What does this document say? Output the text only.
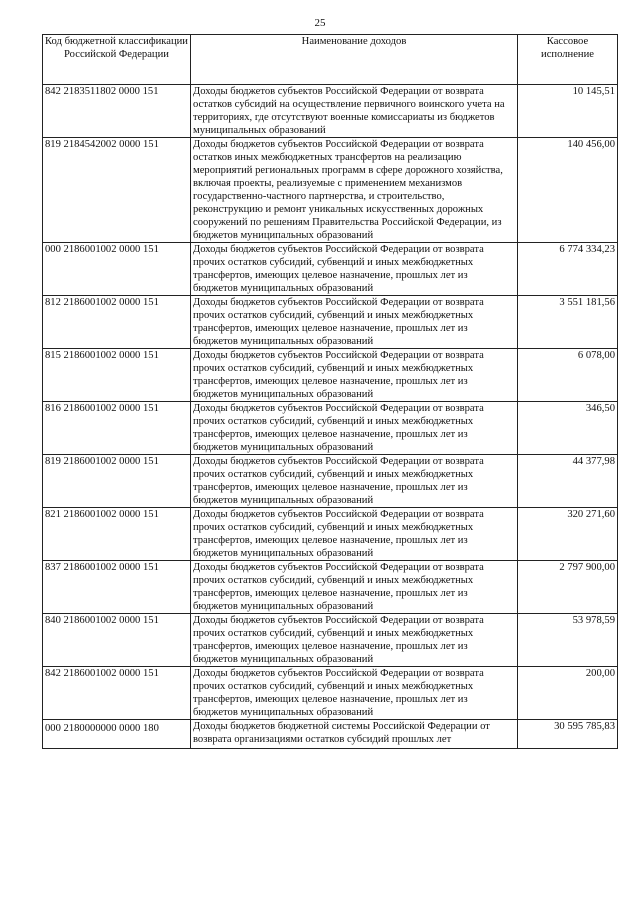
25
Код бюджетной классификации Российской Федерации	Наименование доходов	Кассовое исполнение
842 2183511802 0000 151	Доходы бюджетов субъектов Российской Федерации от возврата остатков субсидий на осуществление первичного воинского учета на территориях, где отсутствуют военные комиссариаты из бюджетов муниципальных образований	10 145,51
819 2184542002 0000 151	Доходы бюджетов субъектов Российской Федерации от возврата остатков иных межбюджетных трансфертов на реализацию мероприятий региональных программ в сфере дорожного хозяйства, включая проекты, реализуемые с применением механизмов государственно-частного партнерства, и строительство, реконструкцию и ремонт уникальных искусственных дорожных сооружений по решениям Правительства Российской Федерации, из бюджетов муниципальных образований	140 456,00
000 2186001002 0000 151	Доходы бюджетов субъектов Российской Федерации от возврата прочих остатков субсидий, субвенций и иных межбюджетных трансфертов, имеющих целевое назначение, прошлых лет из бюджетов муниципальных образований	6 774 334,23
812 2186001002 0000 151	Доходы бюджетов субъектов Российской Федерации от возврата прочих остатков субсидий, субвенций и иных межбюджетных трансфертов, имеющих целевое назначение, прошлых лет из бюджетов муниципальных образований	3 551 181,56
815 2186001002 0000 151	Доходы бюджетов субъектов Российской Федерации от возврата прочих остатков субсидий, субвенций и иных межбюджетных трансфертов, имеющих целевое назначение, прошлых лет из бюджетов муниципальных образований	6 078,00
816 2186001002 0000 151	Доходы бюджетов субъектов Российской Федерации от возврата прочих остатков субсидий, субвенций и иных межбюджетных трансфертов, имеющих целевое назначение, прошлых лет из бюджетов муниципальных образований	346,50
819 2186001002 0000 151	Доходы бюджетов субъектов Российской Федерации от возврата прочих остатков субсидий, субвенций и иных межбюджетных трансфертов, имеющих целевое назначение, прошлых лет из бюджетов муниципальных образований	44 377,98
821 2186001002 0000 151	Доходы бюджетов субъектов Российской Федерации от возврата прочих остатков субсидий, субвенций и иных межбюджетных трансфертов, имеющих целевое назначение, прошлых лет из бюджетов муниципальных образований	320 271,60
837 2186001002 0000 151	Доходы бюджетов субъектов Российской Федерации от возврата прочих остатков субсидий, субвенций и иных межбюджетных трансфертов, имеющих целевое назначение, прошлых лет из бюджетов муниципальных образований	2 797 900,00
840 2186001002 0000 151	Доходы бюджетов субъектов Российской Федерации от возврата прочих остатков субсидий, субвенций и иных межбюджетных трансфертов, имеющих целевое назначение, прошлых лет из бюджетов муниципальных образований	53 978,59
842 2186001002 0000 151	Доходы бюджетов субъектов Российской Федерации от возврата прочих остатков субсидий, субвенций и иных межбюджетных трансфертов, имеющих целевое назначение, прошлых лет из бюджетов муниципальных образований	200,00
000 2180000000 0000 180	Доходы бюджетов бюджетной системы Российской Федерации от возврата организациями остатков субсидий прошлых лет	30 595 785,83
